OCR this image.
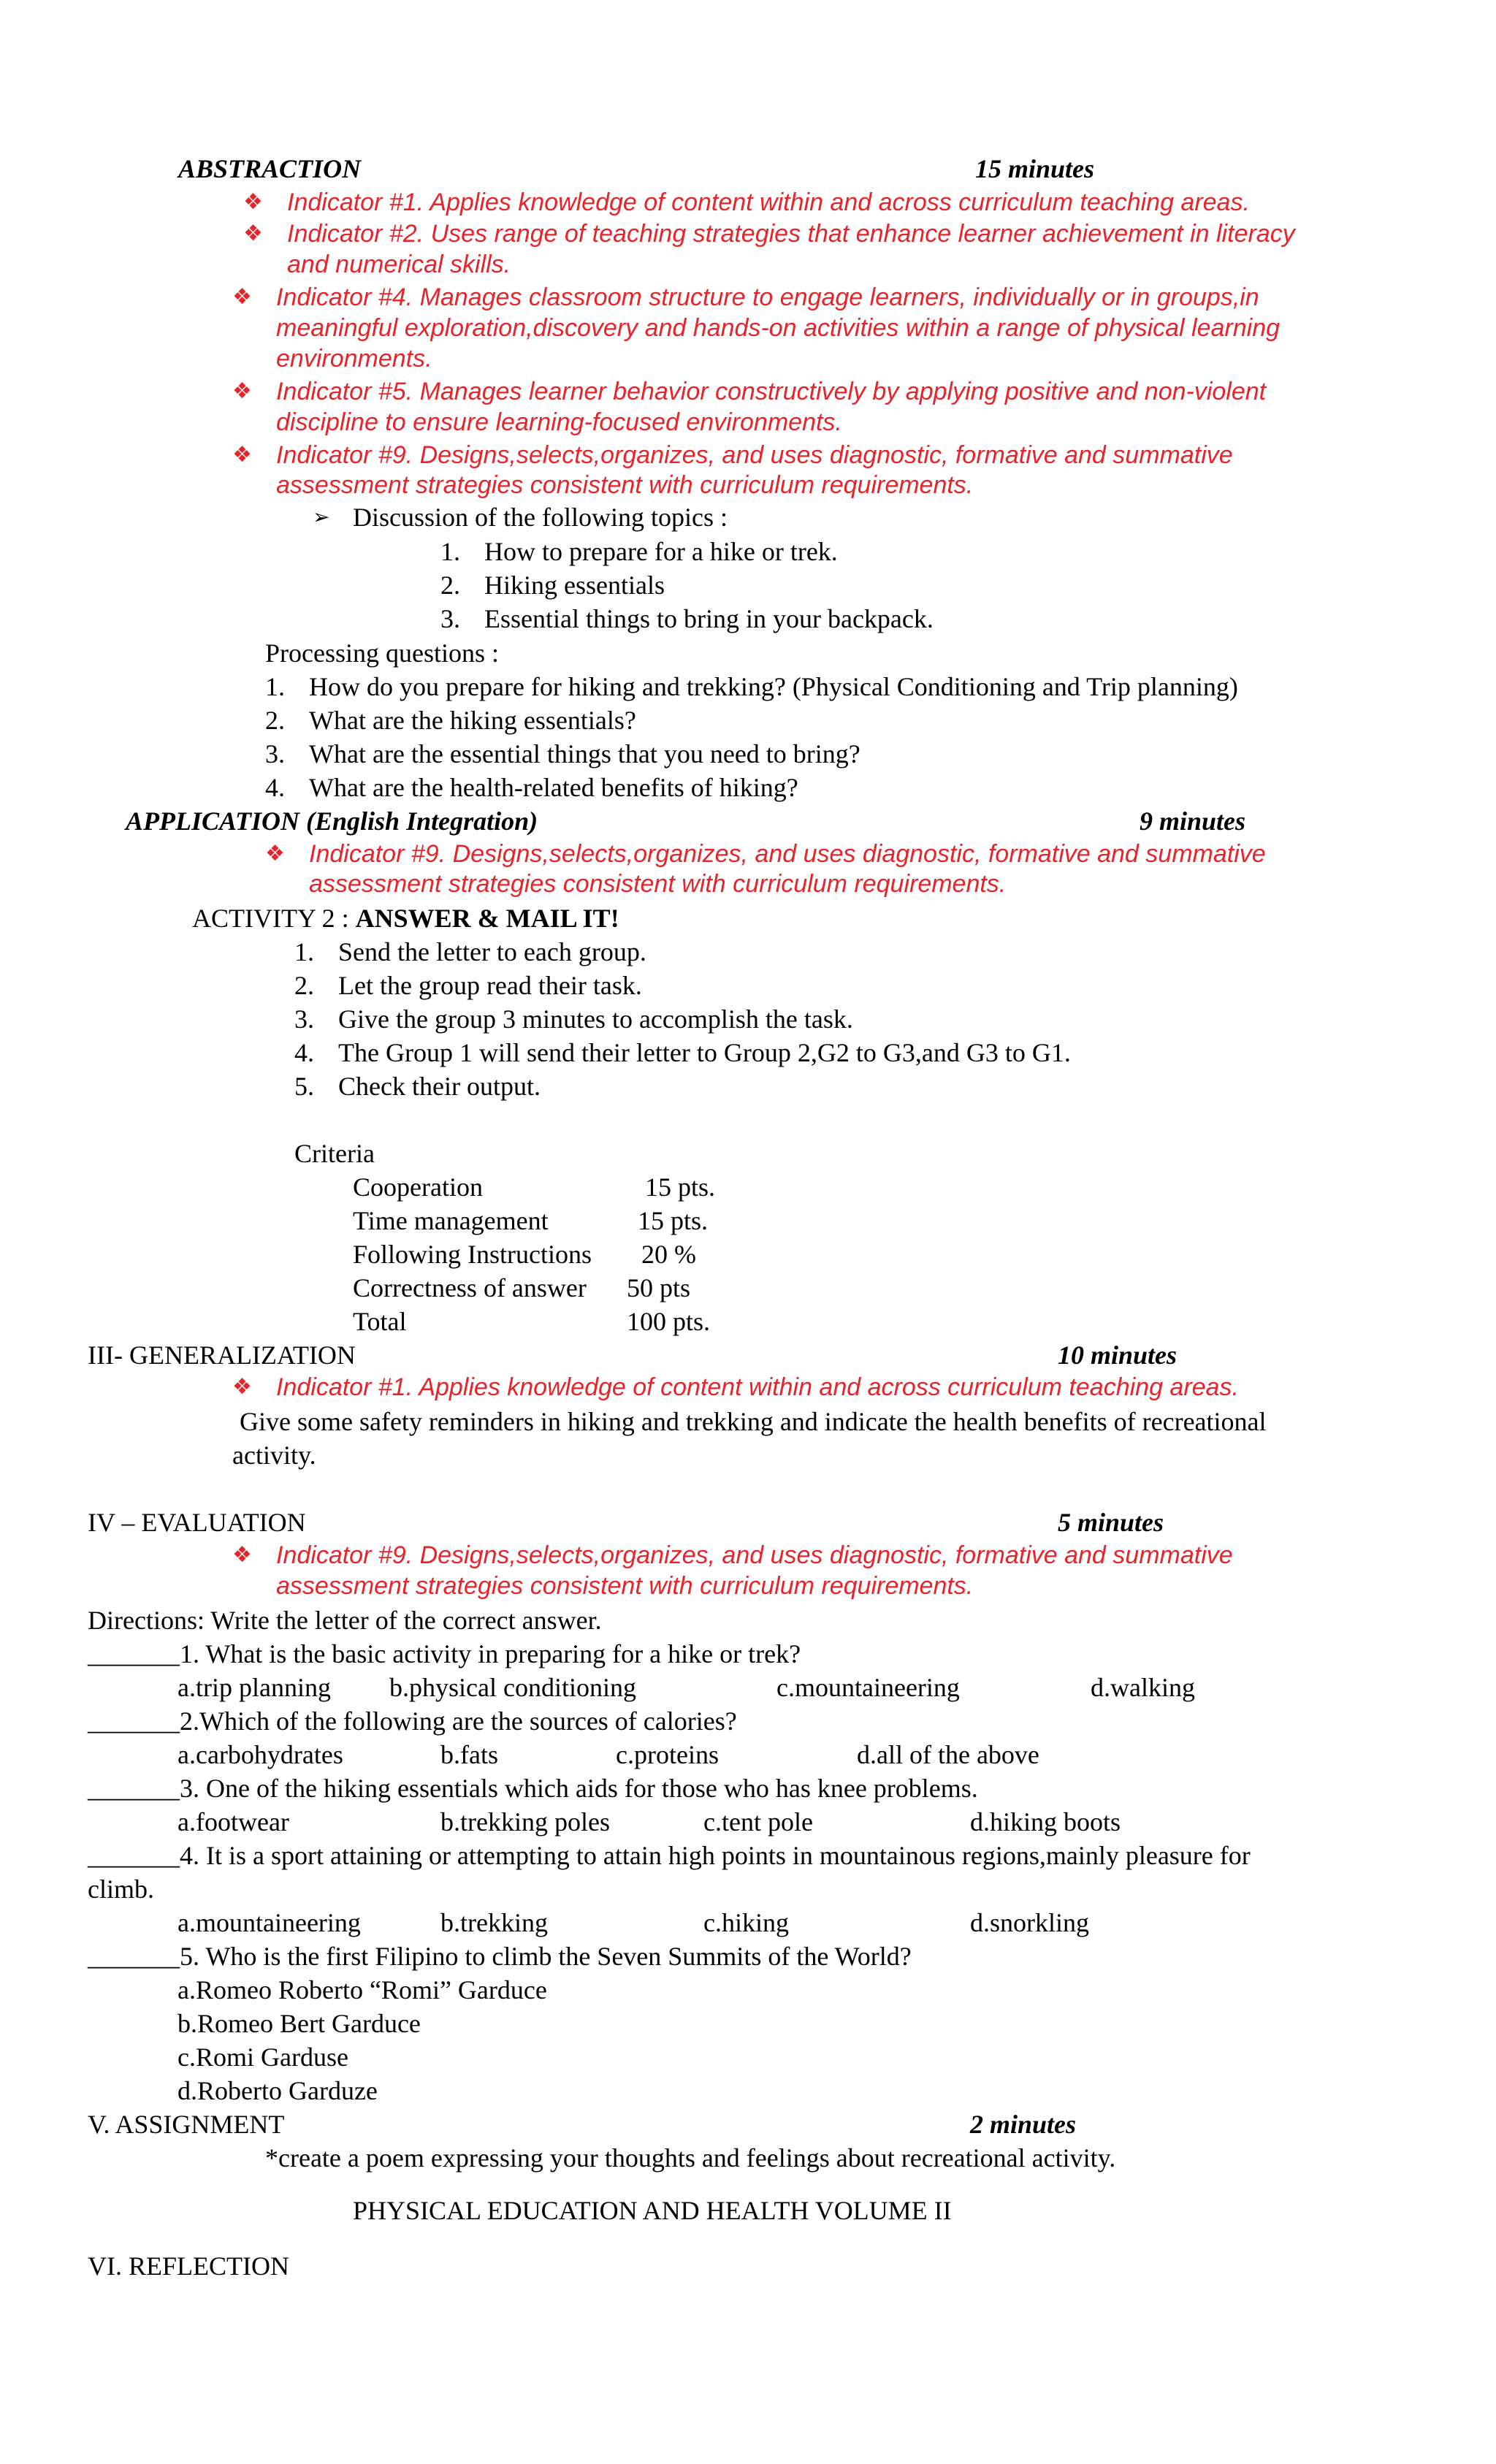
ABSTRACTION	15 minutes
❖ Indicator #1. Applies knowledge of content within and across curriculum teaching areas.
❖ Indicator #2. Uses range of teaching strategies that enhance learner achievement in literacy
and numerical skills.
❖ Indicator #4. Manages classroom structure to engage learners, individually or in groups,in
meaningful exploration,discovery and hands-on activities within a range of physical learning
environments.
❖ Indicator #5. Manages learner behavior constructively by applying positive and non-violent
discipline to ensure learning-focused environments.
❖ Indicator #9. Designs,selects,organizes, and uses diagnostic, formative and summative
assessment strategies consistent with curriculum requirements.
➢ Discussion of the following topics :
1. How to prepare for a hike or trek.
2. Hiking essentials
3. Essential things to bring in your backpack.
Processing questions :
1. How do you prepare for hiking and trekking? (Physical Conditioning and Trip planning)
2. What are the hiking essentials?
3. What are the essential things that you need to bring?
4. What are the health-related benefits of hiking?
APPLICATION (English Integration)	9 minutes
❖ Indicator #9. Designs,selects,organizes, and uses diagnostic, formative and summative
assessment strategies consistent with curriculum requirements.
ACTIVITY 2 : ANSWER & MAIL IT!
1. Send the letter to each group.
2. Let the group read their task.
3. Give the group 3 minutes to accomplish the task.
4. The Group 1 will send their letter to Group 2,G2 to G3,and G3 to G1.
5. Check their output.
Criteria
Cooperation	15 pts.
Time management	15 pts.
Following Instructions 20 %
Correctness of answer 50 pts
Total	100 pts.
III- GENERALIZATION	10 minutes
❖ Indicator #1. Applies knowledge of content within and across curriculum teaching areas.
Give some safety reminders in hiking and trekking and indicate the health benefits of recreational
activity.
IV – EVALUATION	5 minutes
❖ Indicator #9. Designs,selects,organizes, and uses diagnostic, formative and summative
assessment strategies consistent with curriculum requirements.
Directions: Write the letter of the correct answer.
_______1. What is the basic activity in preparing for a hike or trek?
a.trip planning b.physical conditioning	c.mountaineering	d.walking
_______2.Which of the following are the sources of calories?
a.carbohydrates	b.fats	c.proteins	d.all of the above
_______3. One of the hiking essentials which aids for those who has knee problems.
a.footwear	b.trekking poles	c.tent pole	d.hiking boots
_______4. It is a sport attaining or attempting to attain high points in mountainous regions,mainly pleasure for
climb.
a.mountaineering	b.trekking	c.hiking	d.snorkling
_______5. Who is the first Filipino to climb the Seven Summits of the World?
a.Romeo Roberto “Romi” Garduce
b.Romeo Bert Garduce
c.Romi Garduse
d.Roberto Garduze
V. ASSIGNMENT	2 minutes
*create a poem expressing your thoughts and feelings about recreational activity.
PHYSICAL EDUCATION AND HEALTH VOLUME II
VI. REFLECTION
